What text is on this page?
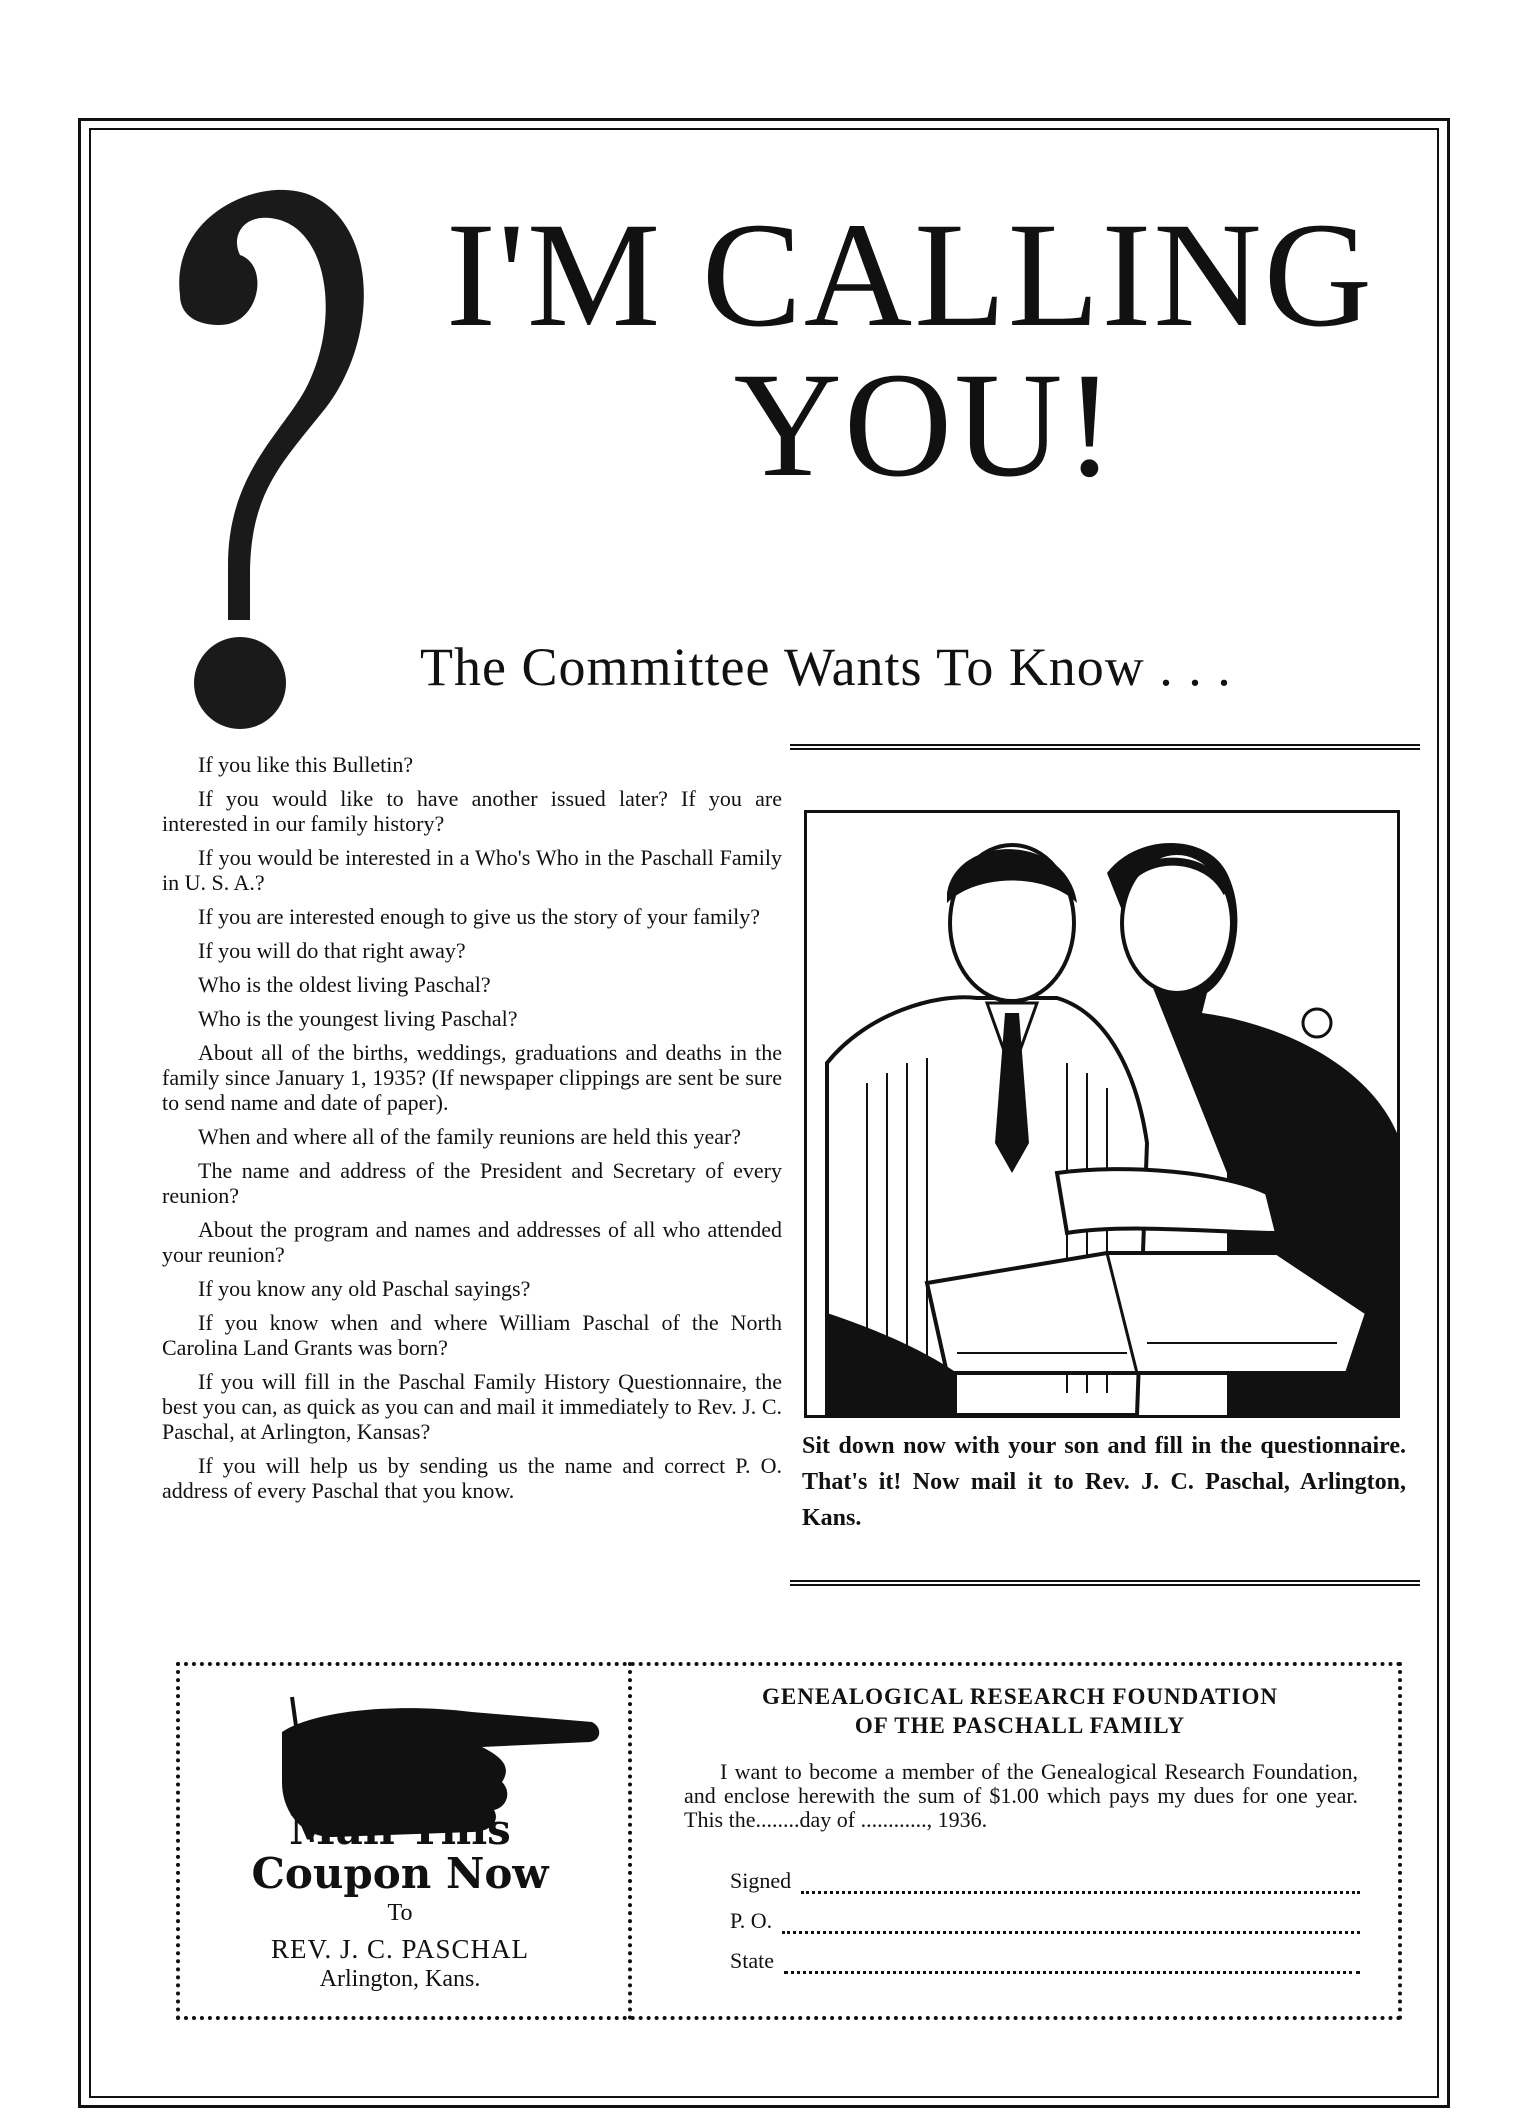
I'M CALLING
YOU!
The Committee Wants To Know . . .

If you like this Bulletin?

If you would like to have another issued later? If you are interested in our family history?

If you would be interested in a Who's Who in the Paschall Family in U. S. A.?

If you are interested enough to give us the story of your family?

If you will do that right away?

Who is the oldest living Paschal?

Who is the youngest living Paschal?

About all of the births, weddings, graduations and deaths in the family since January 1, 1935? (If newspaper clippings are sent be sure to send name and date of paper).

When and where all of the family reunions are held this year?

The name and address of the President and Secretary of every reunion?

About the program and names and addresses of all who attended your reunion?

If you know any old Paschal sayings?

If you know when and where William Paschal of the North Carolina Land Grants was born?

If you will fill in the Paschal Family History Questionnaire, the best you can, as quick as you can and mail it immediately to Rev. J. C. Paschal, at Arlington, Kansas?

If you will help us by sending us the name and correct P. O. address of every Paschal that you know.

Sit down now with your son and fill in the questionnaire. That's it! Now mail it to Rev. J. C. Paschal, Arlington, Kans.
Mail This
Coupon Now
To
REV. J. C. PASCHAL
Arlington, Kans.
GENEALOGICAL RESEARCH FOUNDATION
OF THE PASCHALL FAMILY
I want to become a member of the Genealogical Research Foundation, and enclose herewith the sum of $1.00 which pays my dues for one year. This the........day of ............, 1936.
Signed
P. O.
State
